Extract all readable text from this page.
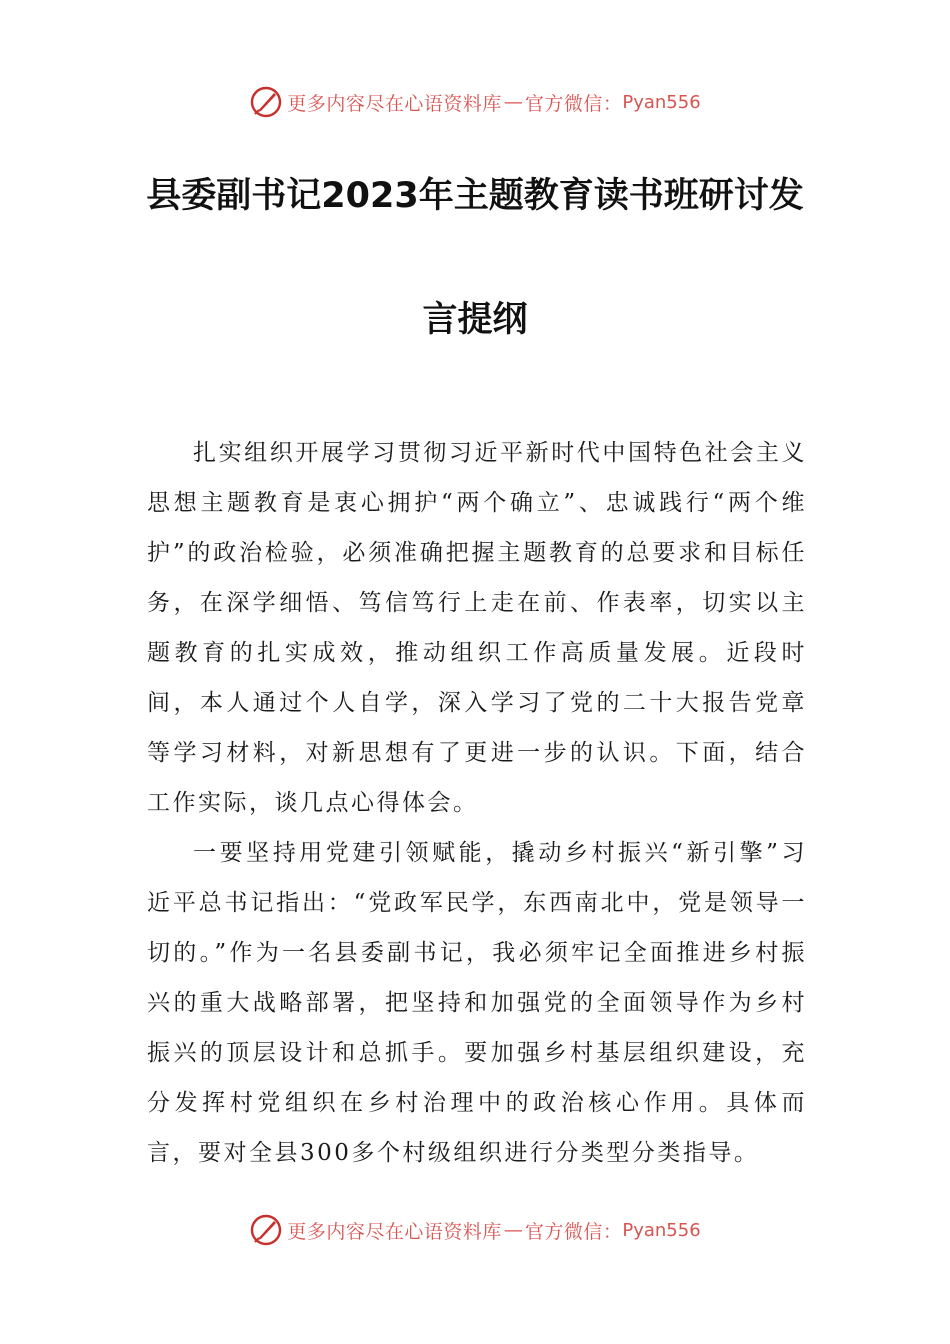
更多内容尽在心语资料库 — 官方微信： Pyan556
县委副书记2023年主题教育读书班研讨发
言提纲

扎实组织开展学习贯彻习近平新时代中国特色社会主义思想主题教育是衷心拥护“两个确立”、忠诚践行“两个维护”的政治检验，必须准确把握主题教育的总要求和目标任务，在深学细悟、笃信笃行上走在前、作表率，切实以主题教育的扎实成效，推动组织工作高质量发展。近段时间，本人通过个人自学，深入学习了党的二十大报告党章等学习材料，对新思想有了更进一步的认识。下面，结合工作实际，谈几点心得体会。

一要坚持用党建引领赋能，撬动乡村振兴“新引擎”习近平总书记指出：“党政军民学，东西南北中，党是领导一切的。”作为一名县委副书记，我必须牢记全面推进乡村振兴的重大战略部署，把坚持和加强党的全面领导作为乡村振兴的顶层设计和总抓手。要加强乡村基层组织建设，充分发挥村党组织在乡村治理中的政治核心作用。具体而言，要对全县300多个村级组织进行分类型分类指导。

更多内容尽在心语资料库 — 官方微信： Pyan556
